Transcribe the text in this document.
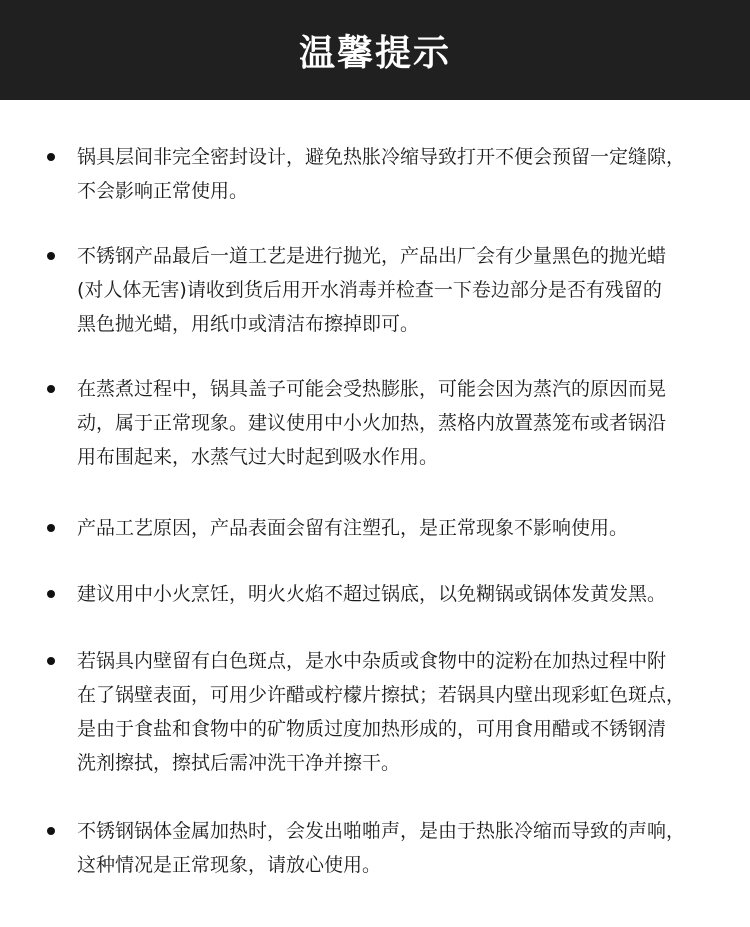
温馨提示

锅具层间非完全密封设计，避免热胀冷缩导致打开不便会预留一定缝隙，
不会影响正常使用。

不锈钢产品最后一道工艺是进行抛光，产品出厂会有少量黑色的抛光蜡
(对人体无害)请收到货后用开水消毒并检查一下卷边部分是否有残留的
黑色抛光蜡，用纸巾或清洁布擦掉即可。

在蒸煮过程中，锅具盖子可能会受热膨胀，可能会因为蒸汽的原因而晃
动，属于正常现象。建议使用中小火加热，蒸格内放置蒸笼布或者锅沿
用布围起来，水蒸气过大时起到吸水作用。

产品工艺原因，产品表面会留有注塑孔，是正常现象不影响使用。

建议用中小火烹饪，明火火焰不超过锅底，以免糊锅或锅体发黄发黑。

若锅具内壁留有白色斑点，是水中杂质或食物中的淀粉在加热过程中附
在了锅壁表面，可用少许醋或柠檬片擦拭；若锅具内壁出现彩虹色斑点，
是由于食盐和食物中的矿物质过度加热形成的，可用食用醋或不锈钢清
洗剂擦拭，擦拭后需冲洗干净并擦干。

不锈钢锅体金属加热时，会发出啪啪声，是由于热胀冷缩而导致的声响，
这种情况是正常现象，请放心使用。
